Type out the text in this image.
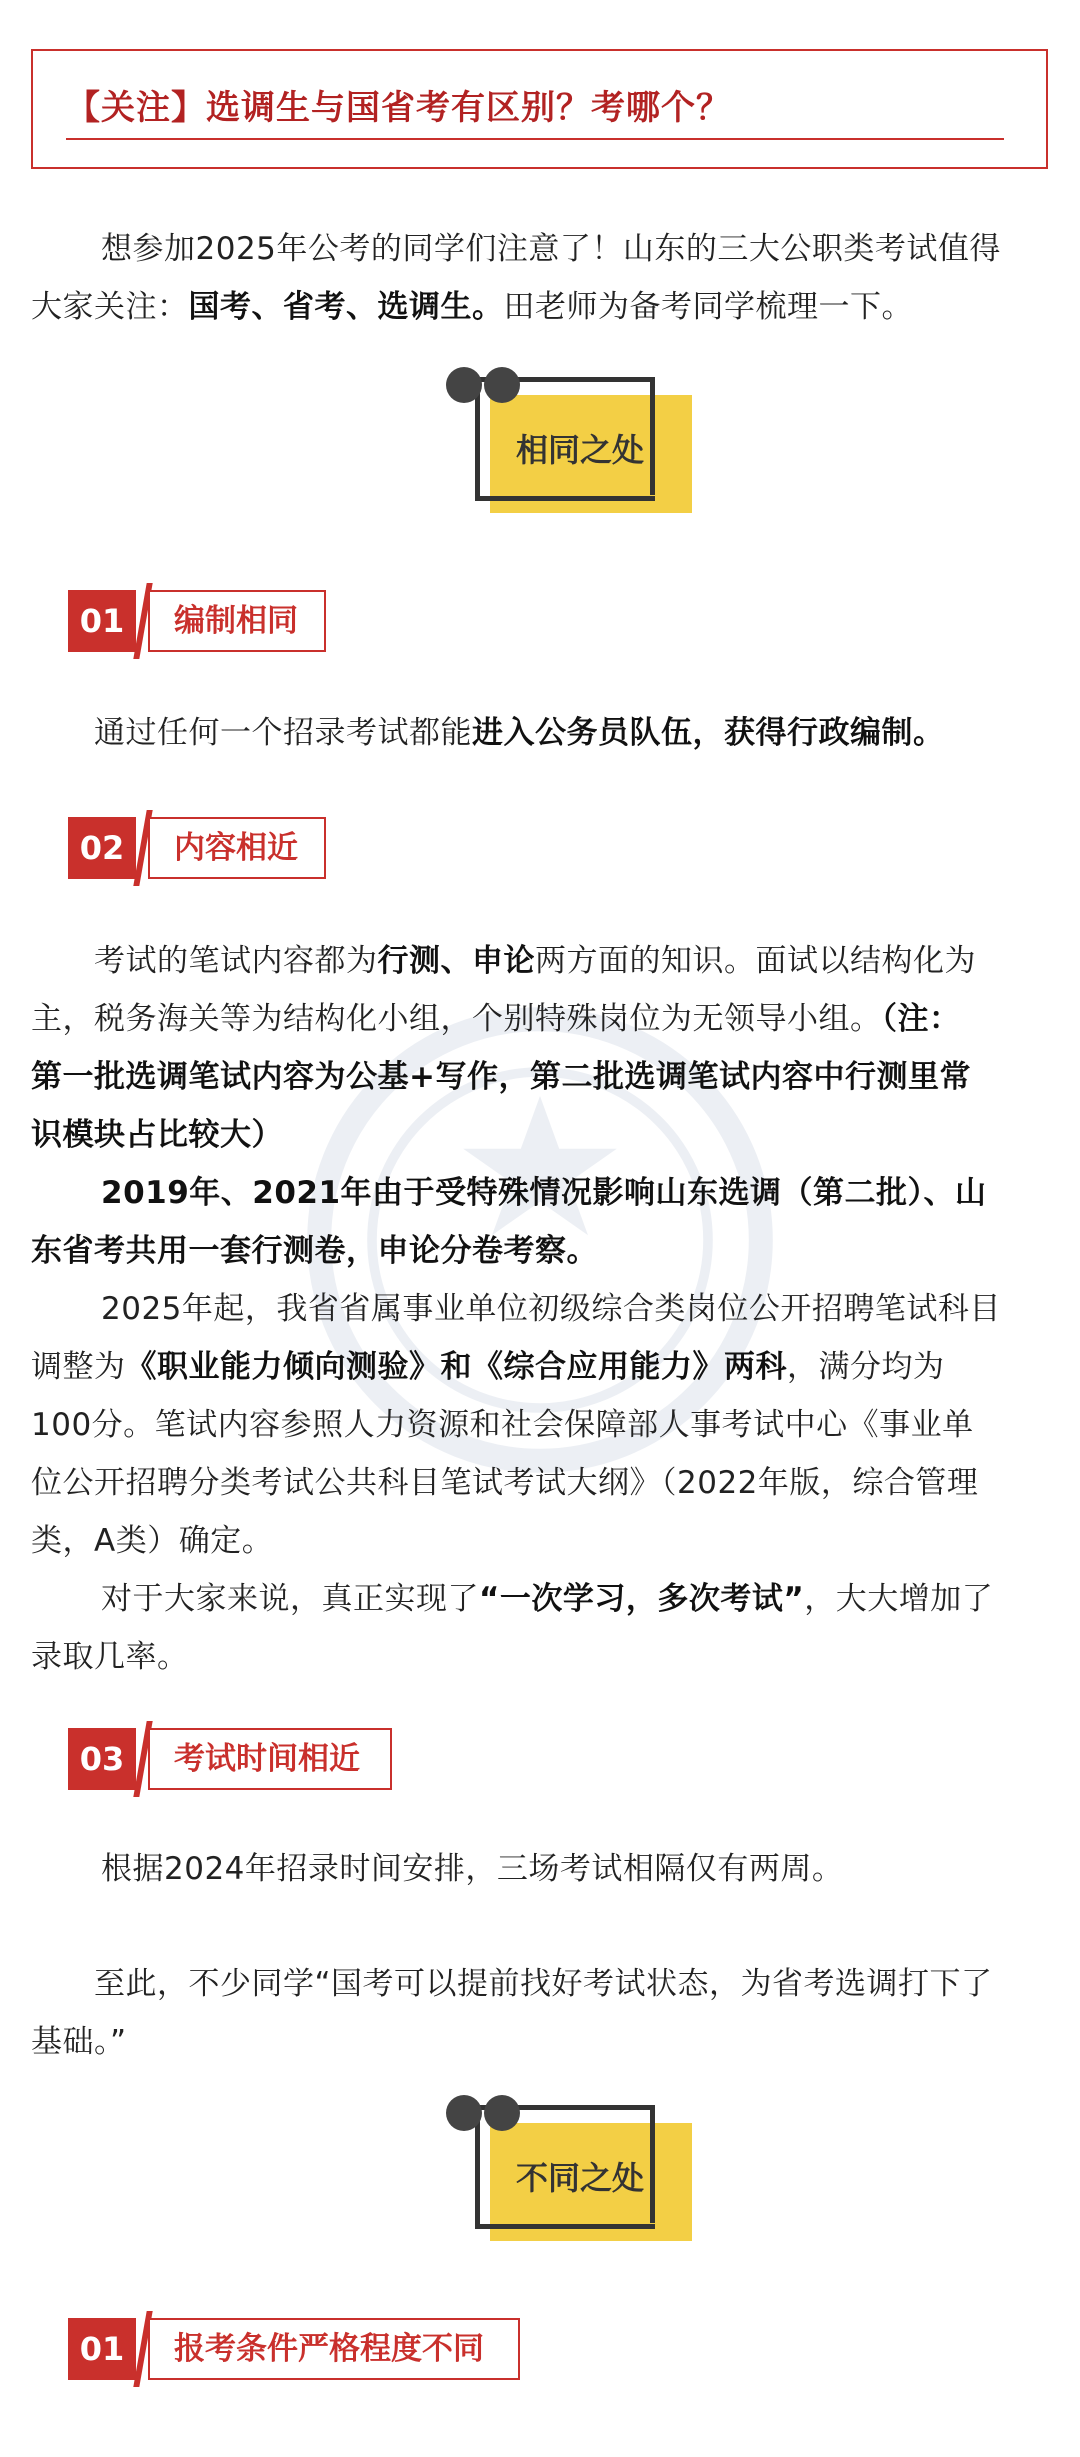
【关注】选调生与国省考有区别？考哪个？
想参加2025年公考的同学们注意了！山东的三大公职类考试值得
大家关注：国考、省考、选调生。田老师为备考同学梳理一下。
相同之处
01	编制相同
通过任何一个招录考试都能进入公务员队伍，获得行政编制。
02	内容相近
考试的笔试内容都为行测、申论两方面的知识。面试以结构化为
主，税务海关等为结构化小组，个别特殊岗位为无领导小组。（注：
第一批选调笔试内容为公基+写作，第二批选调笔试内容中行测里常
识模块占比较大）
2019年、2021年由于受特殊情况影响山东选调（第二批）、山
东省考共用一套行测卷，申论分卷考察。
2025年起，我省省属事业单位初级综合类岗位公开招聘笔试科目
调整为《职业能力倾向测验》和《综合应用能力》两科，满分均为
100分。笔试内容参照人力资源和社会保障部人事考试中心《事业单
位公开招聘分类考试公共科目笔试考试大纲》（2022年版，综合管理
类，A类）确定。
对于大家来说，真正实现了“一次学习，多次考试”，大大增加了
录取几率。
03	考试时间相近
根据2024年招录时间安排，三场考试相隔仅有两周。
至此，不少同学“国考可以提前找好考试状态，为省考选调打下了
基础。”
不同之处
01	报考条件严格程度不同
